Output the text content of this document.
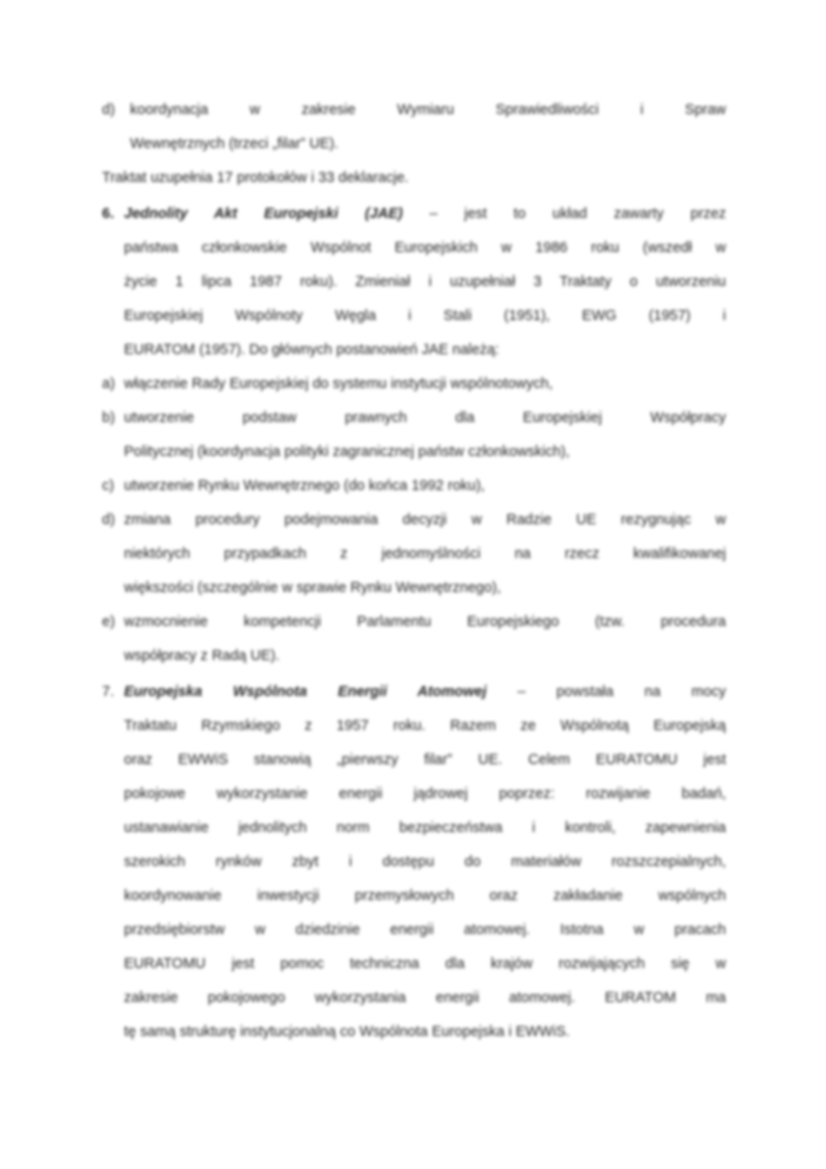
d) koordynacja w zakresie Wymiaru Sprawiedliwości i Spraw
Wewnętrznych (trzeci „filar” UE).
Traktat uzupełnia 17 protokołów i 33 deklaracje.
6. Jednolity Akt Europejski (JAE) – jest to układ zawarty przez
państwa członkowskie Wspólnot Europejskich w 1986 roku (wszedł w
życie 1 lipca 1987 roku). Zmieniał i uzupełniał 3 Traktaty o utworzeniu
Europejskiej Wspólnoty Węgla i Stali (1951), EWG (1957) i
EURATOM (1957). Do głównych postanowień JAE należą:
a) włączenie Rady Europejskiej do systemu instytucji wspólnotowych,
b) utworzenie podstaw prawnych dla Europejskiej Współpracy
Politycznej (koordynacja polityki zagranicznej państw członkowskich),
c) utworzenie Rynku Wewnętrznego (do końca 1992 roku),
d) zmiana procedury podejmowania decyzji w Radzie UE rezygnując w
niektórych przypadkach z jednomyślności na rzecz kwalifikowanej
większości (szczególnie w sprawie Rynku Wewnętrznego),
e) wzmocnienie kompetencji Parlamentu Europejskiego (tzw. procedura
współpracy z Radą UE).
7. Europejska Wspólnota Energii Atomowej – powstała na mocy
Traktatu Rzymskiego z 1957 roku. Razem ze Wspólnotą Europejską
oraz EWWiS stanowią „pierwszy filar” UE. Celem EURATOMU jest
pokojowe wykorzystanie energii jądrowej poprzez: rozwijanie badań,
ustanawianie jednolitych norm bezpieczeństwa i kontroli, zapewnienia
szerokich rynków zbyt i dostępu do materiałów rozszczepialnych,
koordynowanie inwestycji przemysłowych oraz zakładanie wspólnych
przedsiębiorstw w dziedzinie energii atomowej. Istotna w pracach
EURATOMU jest pomoc techniczna dla krajów rozwijających się w
zakresie pokojowego wykorzystania energii atomowej. EURATOM ma
tę samą strukturę instytucjonalną co Wspólnota Europejska i EWWiS.
